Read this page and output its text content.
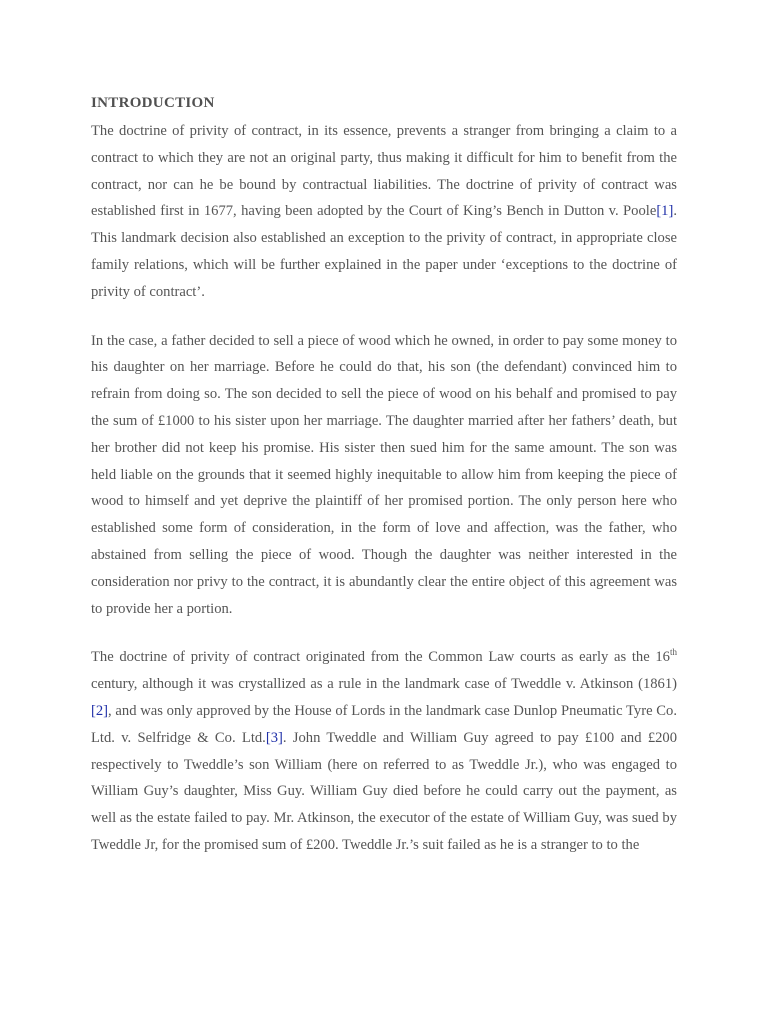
INTRODUCTION

The doctrine of privity of contract, in its essence, prevents a stranger from bringing a claim to a contract to which they are not an original party, thus making it difficult for him to benefit from the contract, nor can he be bound by contractual liabilities. The doctrine of privity of contract was established first in 1677, having been adopted by the Court of King’s Bench in Dutton v. Poole[1]. This landmark decision also established an exception to the privity of contract, in appropriate close family relations, which will be further explained in the paper under ‘exceptions to the doctrine of privity of contract’.

In the case, a father decided to sell a piece of wood which he owned, in order to pay some money to his daughter on her marriage. Before he could do that, his son (the defendant) convinced him to refrain from doing so. The son decided to sell the piece of wood on his behalf and promised to pay the sum of £1000 to his sister upon her marriage. The daughter married after her fathers’ death, but her brother did not keep his promise. His sister then sued him for the same amount. The son was held liable on the grounds that it seemed highly inequitable to allow him from keeping the piece of wood to himself and yet deprive the plaintiff of her promised portion. The only person here who established some form of consideration, in the form of love and affection, was the father, who abstained from selling the piece of wood. Though the daughter was neither interested in the consideration nor privy to the contract, it is abundantly clear the entire object of this agreement was to provide her a portion.

The doctrine of privity of contract originated from the Common Law courts as early as the 16th century, although it was crystallized as a rule in the landmark case of Tweddle v. Atkinson (1861)[2], and was only approved by the House of Lords in the landmark case Dunlop Pneumatic Tyre Co. Ltd. v. Selfridge & Co. Ltd.[3]. John Tweddle and William Guy agreed to pay £100 and £200 respectively to Tweddle’s son William (here on referred to as Tweddle Jr.), who was engaged to William Guy’s daughter, Miss Guy. William Guy died before he could carry out the payment, as well as the estate failed to pay. Mr. Atkinson, the executor of the estate of William Guy, was sued by Tweddle Jr, for the promised sum of £200. Tweddle Jr.’s suit failed as he is a stranger to to the
